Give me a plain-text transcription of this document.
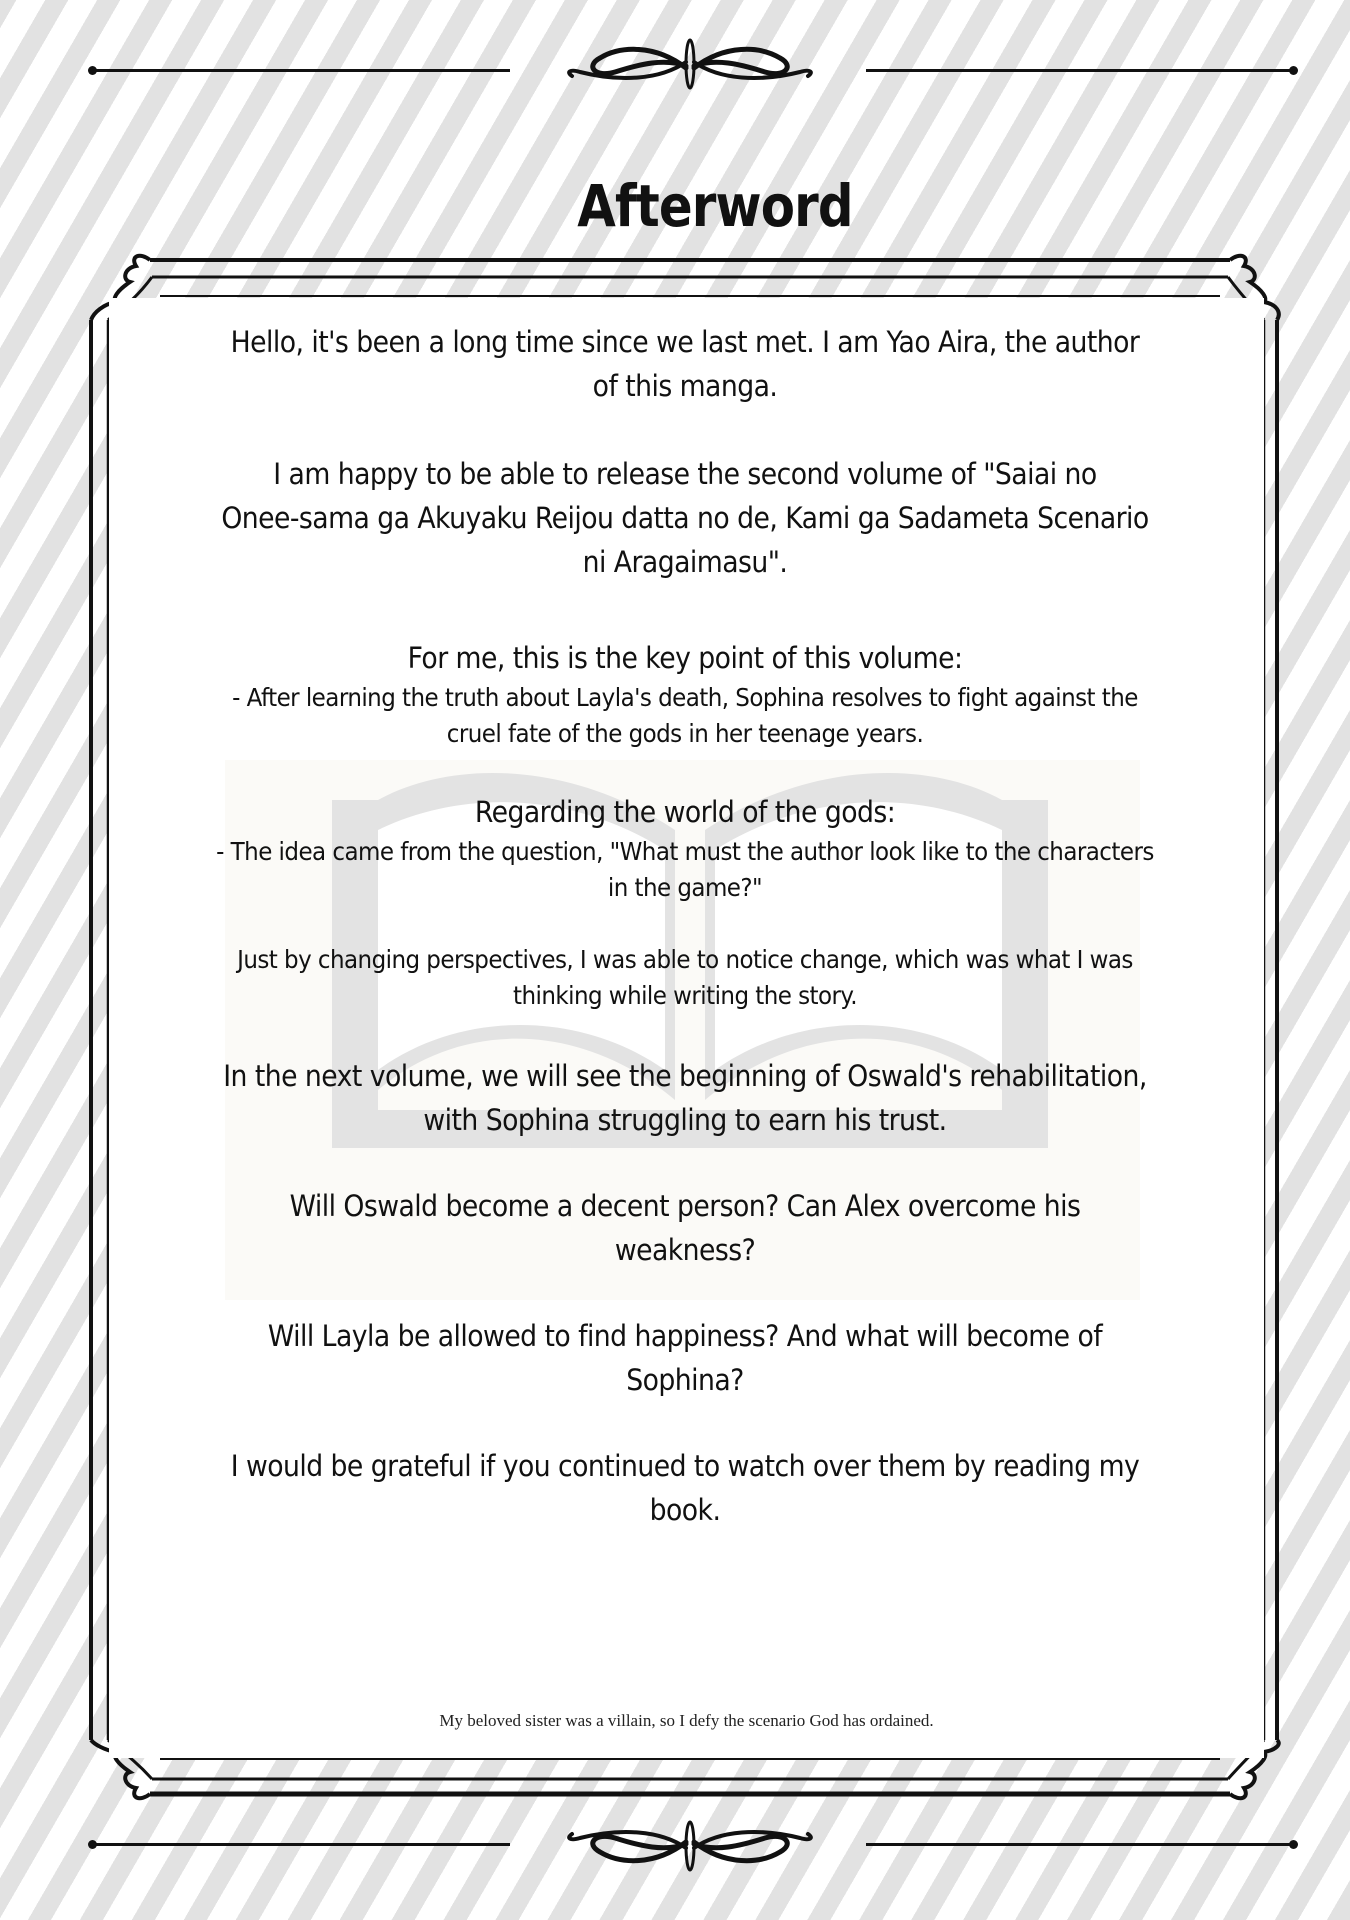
Afterword

Hello, it's been a long time since we last met. I am Yao Aira, the author

of this manga.

I am happy to be able to release the second volume of "Saiai no

Onee-sama ga Akuyaku Reijou datta no de, Kami ga Sadameta Scenario

ni Aragaimasu".

For me, this is the key point of this volume:

- After learning the truth about Layla's death, Sophina resolves to fight against the

cruel fate of the gods in her teenage years.

Regarding the world of the gods:

- The idea came from the question, "What must the author look like to the characters

in the game?"

Just by changing perspectives, I was able to notice change, which was what I was

thinking while writing the story.

In the next volume, we will see the beginning of Oswald's rehabilitation,

with Sophina struggling to earn his trust.

Will Oswald become a decent person? Can Alex overcome his

weakness?

Will Layla be allowed to find happiness? And what will become of

Sophina?

I would be grateful if you continued to watch over them by reading my

book.

My beloved sister was a villain, so I defy the scenario God has ordained.
